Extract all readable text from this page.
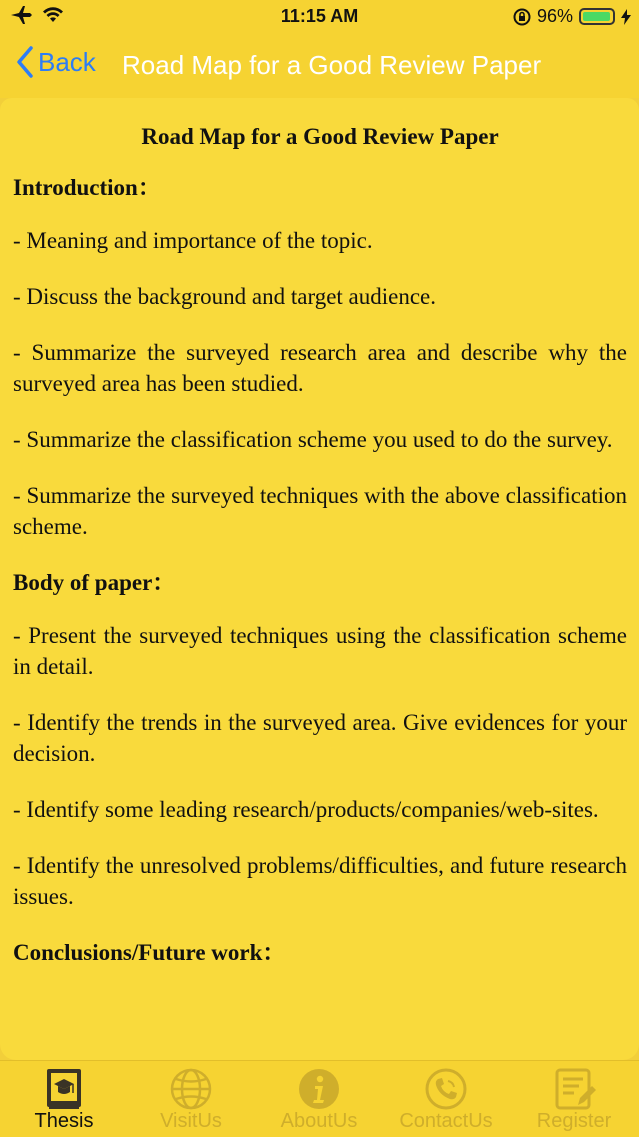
11:15 AM	96%
Back Road Map for a Good Review Paper
Road Map for a Good Review Paper
Introduction：
- Meaning and importance of the topic.
- Discuss the background and target audience.
- Summarize the surveyed research area and describe why the surveyed area has been studied.
- Summarize the classification scheme you used to do the survey.
- Summarize the surveyed techniques with the above classification scheme.
Body of paper：
- Present the surveyed techniques using the classification scheme in detail.
- Identify the trends in the surveyed area. Give evidences for your decision.
- Identify some leading research/products/companies/web-sites.
- Identify the unresolved problems/difficulties, and future research issues.
Conclusions/Future work：
Thesis	VisitUs	AboutUs	ContactUs	Register
